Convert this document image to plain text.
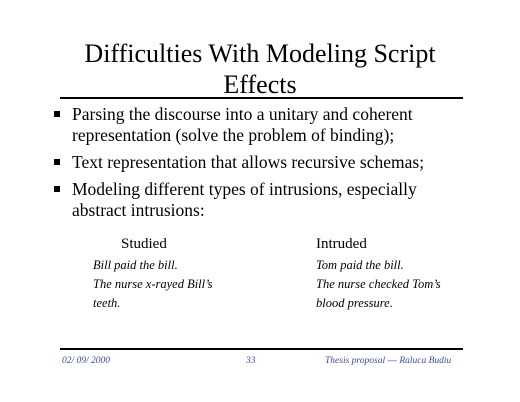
Difficulties With Modeling Script
Effects
Parsing the discourse into a unitary and coherent representation (solve the problem of binding);
Text representation that allows recursive schemas;
Modeling different types of intrusions, especially abstract intrusions:
Studied
Bill paid the bill.
The nurse x-rayed Bill’s
teeth.
Intruded
Tom paid the bill.
The nurse checked Tom’s
blood pressure.
02/ 09/ 2000	33	Thesis proposal --- Raluca Budiu
